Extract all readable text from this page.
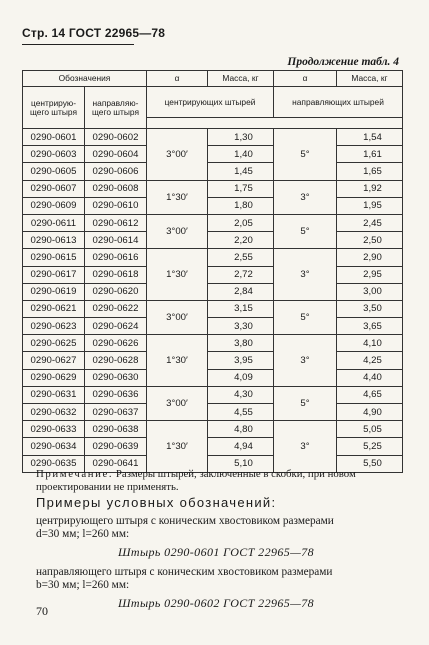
Стр. 14 ГОСТ 22965—78
Продолжение табл. 4
Обозначения		α	Масса, кг	α	Масса, кг
центрирую-щего штыря	направляю-щего штыря	центрирующих штырей		направляющих штырей	

0290-0601	0290-0602	3°00′	1,30	5°	1,54
0290-0603	0290-0604		1,40		1,61
0290-0605	0290-0606		1,45		1,65
0290-0607	0290-0608	1°30′	1,75	3°	1,92
0290-0609	0290-0610		1,80		1,95
0290-0611	0290-0612	3°00′	2,05	5°	2,45
0290-0613	0290-0614		2,20		2,50
0290-0615	0290-0616	1°30′	2,55	3°	2,90
0290-0617	0290-0618		2,72		2,95
0290-0619	0290-0620		2,84		3,00
0290-0621	0290-0622	3°00′	3,15	5°	3,50
0290-0623	0290-0624		3,30		3,65
0290-0625	0290-0626	1°30′	3,80	3°	4,10
0290-0627	0290-0628		3,95		4,25
0290-0629	0290-0630		4,09		4,40
0290-0631	0290-0636	3°00′	4,30	5°	4,65
0290-0632	0290-0637		4,55		4,90
0290-0633	0290-0638	1°30′	4,80	3°	5,05
0290-0634	0290-0639		4,94		5,25
0290-0635	0290-0641		5,10		5,50
Примечание. Размеры штырей, заключенные в скобки, при новом проектировании не применять.
Примеры условных обозначений:
центрирующего штыря с коническим хвостовиком размерами
d=30 мм; l=260 мм:
Штырь 0290-0601 ГОСТ 22965—78
направляющего штыря с коническим хвостовиком размерами
b=30 мм; l=260 мм:
Штырь 0290-0602 ГОСТ 22965—78
70
